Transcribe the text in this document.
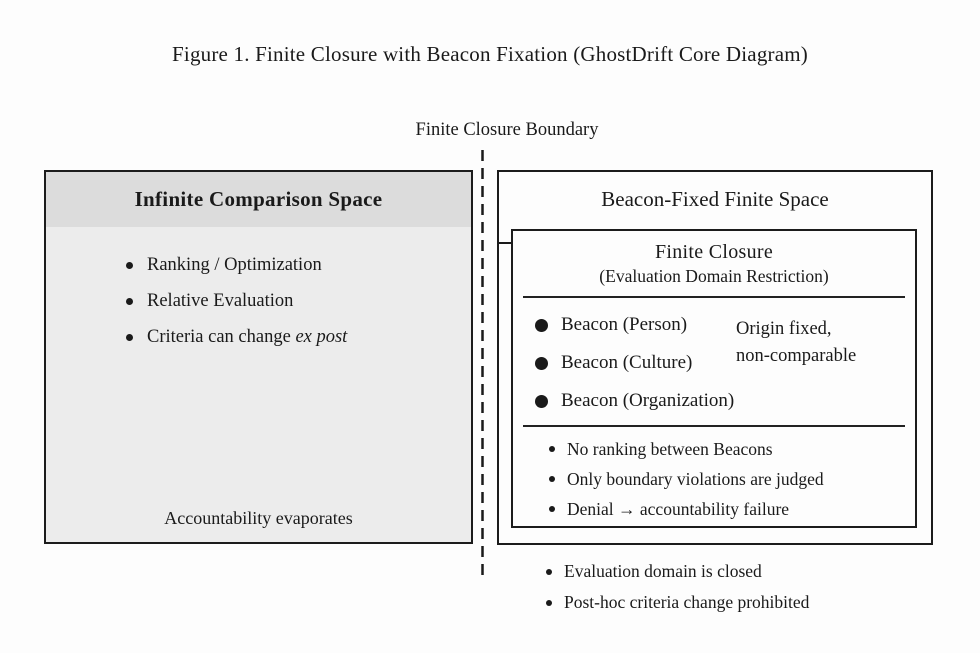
Figure 1. Finite Closure with Beacon Fixation (GhostDrift Core Diagram)
Finite Closure Boundary
Infinite Comparison Space
Ranking / Optimization
Relative Evaluation
Criteria can change ex post
Accountability evaporates
Beacon-Fixed Finite Space
Finite Closure
(Evaluation Domain Restriction)
Beacon (Person)
Beacon (Culture)
Beacon (Organization)
Origin fixed,
non-comparable
No ranking between Beacons
Only boundary violations are judged
Denial → accountability failure
Evaluation domain is closed
Post-hoc criteria change prohibited
